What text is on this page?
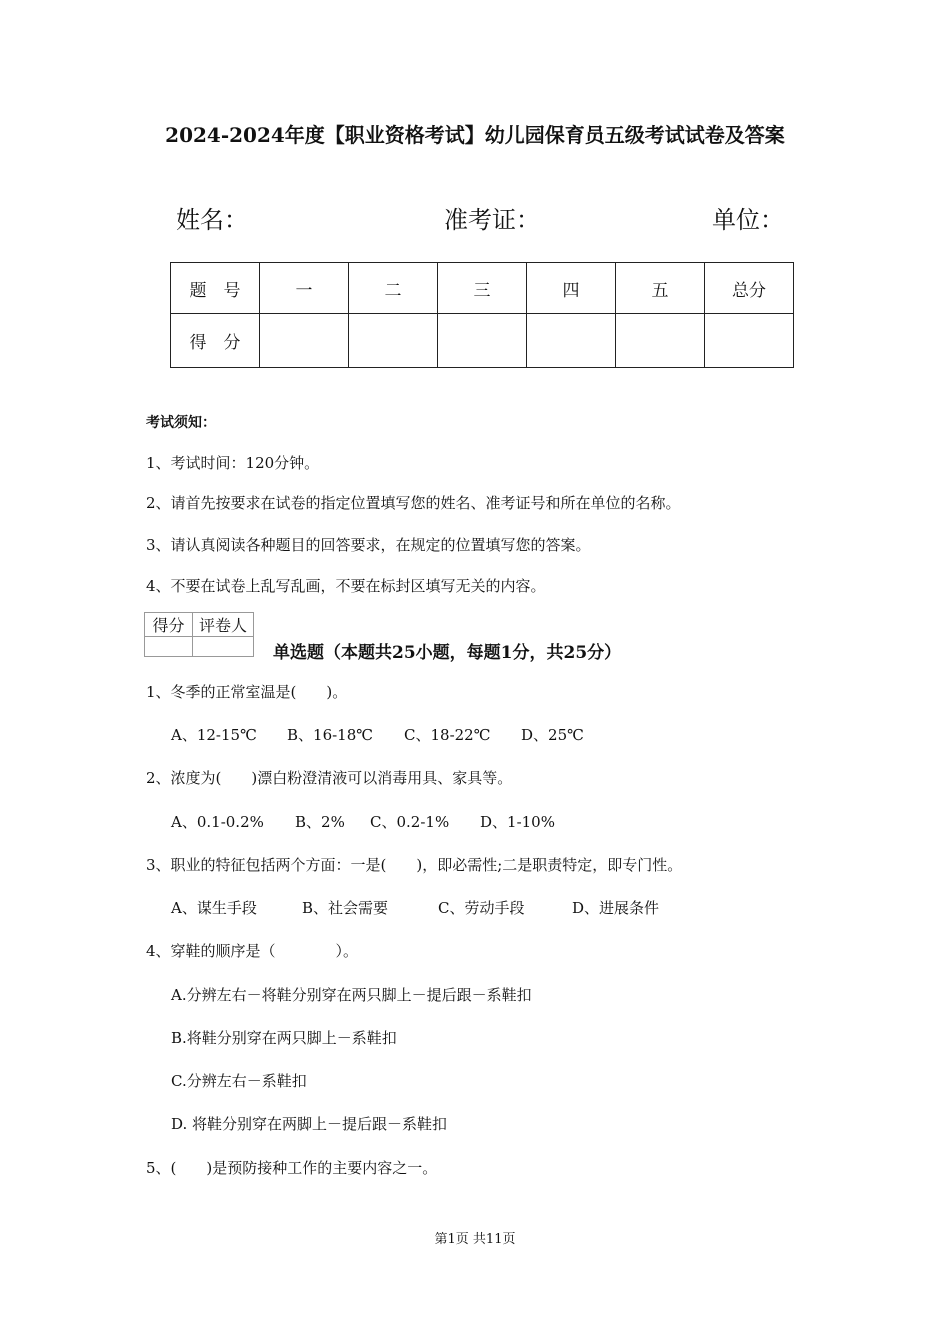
2024-2024年度【职业资格考试】幼儿园保育员五级考试试卷及答案
姓名：	准考证：	单位：
题　号	一	二	三	四	五	总分
得　分						
考试须知：
1、考试时间：120分钟。
2、请首先按要求在试卷的指定位置填写您的姓名、准考证号和所在单位的名称。
3、请认真阅读各种题目的回答要求，在规定的位置填写您的答案。
4、不要在试卷上乱写乱画，不要在标封区填写无关的内容。
得分	评卷人

单选题（本题共25小题，每题1分，共25分）
1、冬季的正常室温是(　　)。
A、12-15℃ B、16-18℃ C、18-22℃ D、25℃
2、浓度为(　　)漂白粉澄清液可以消毒用具、家具等。
A、0.1-0.2% B、2% C、0.2-1% D、1-10%
3、职业的特征包括两个方面：一是(　　)，即必需性;二是职责特定，即专门性。
A、谋生手段	B、社会需要	C、劳动手段	D、进展条件
4、穿鞋的顺序是（　　　　）。
A.分辨左右－将鞋分别穿在两只脚上－提后跟－系鞋扣
B.将鞋分别穿在两只脚上－系鞋扣
C.分辨左右－系鞋扣
D. 将鞋分别穿在两脚上－提后跟－系鞋扣
5、(　　)是预防接种工作的主要内容之一。
第1页 共11页
